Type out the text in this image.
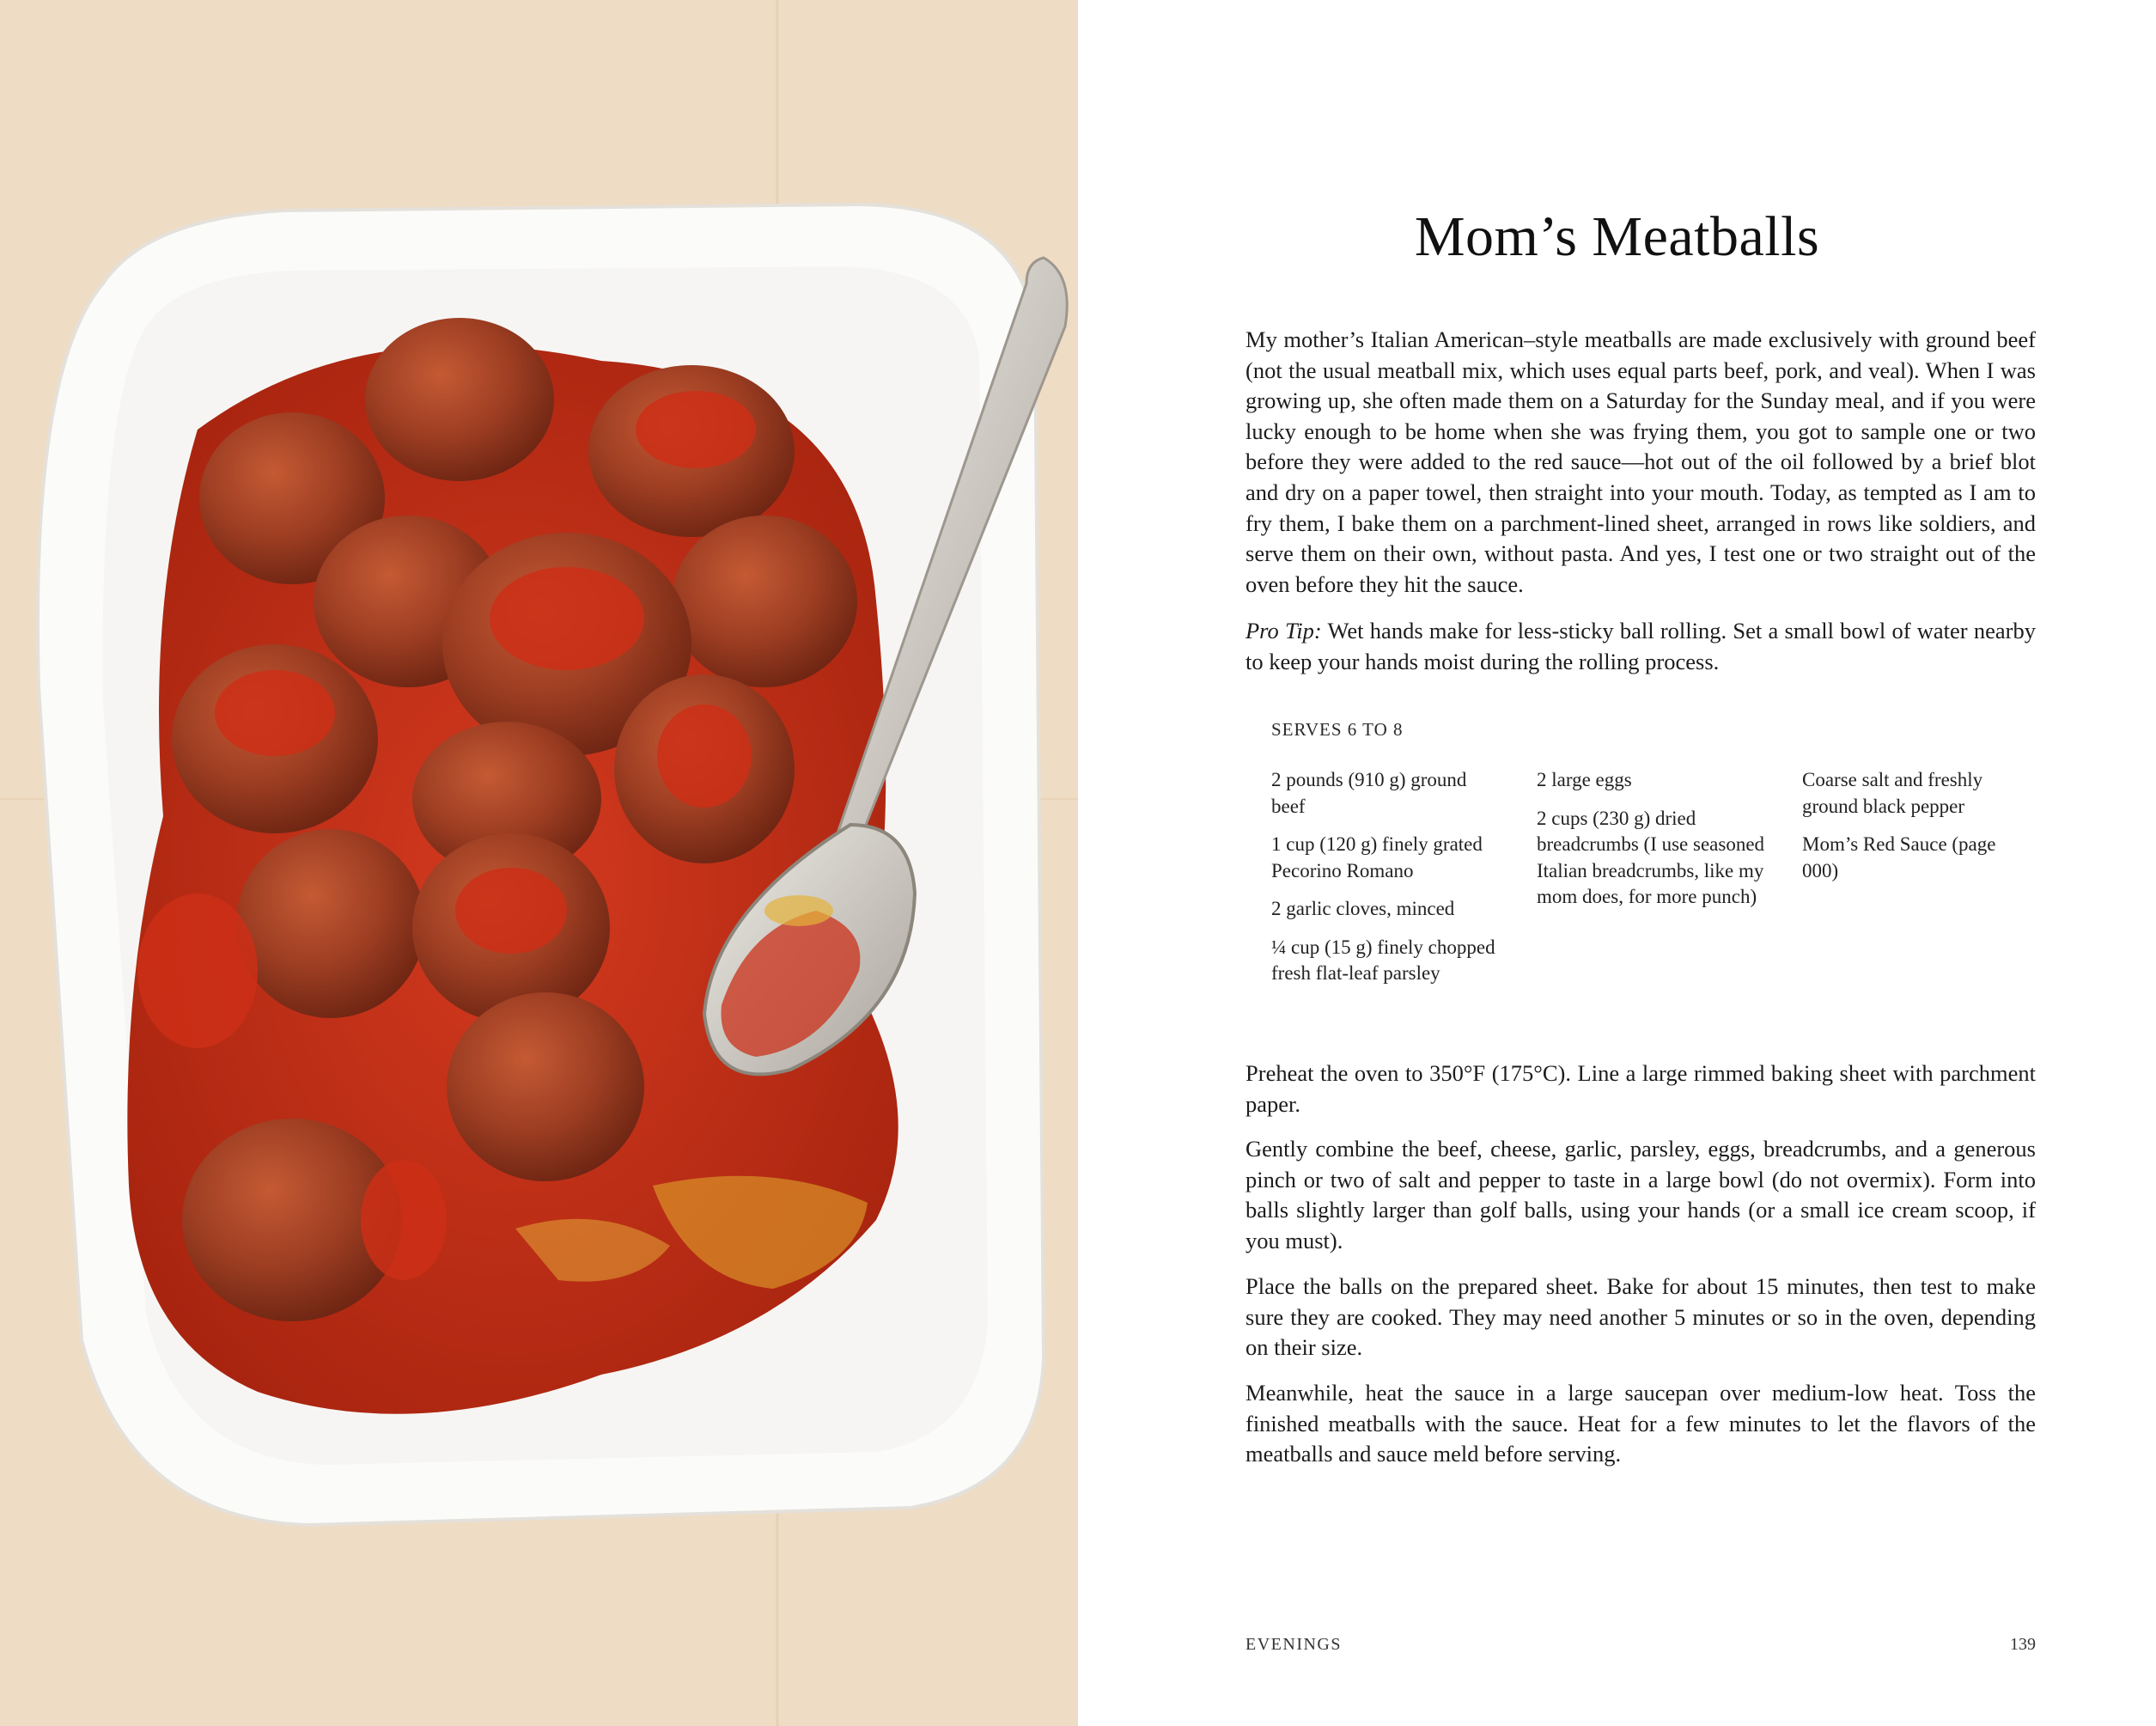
Mom’s Meatballs

My mother’s Italian American–style meatballs are made exclusively with ground beef (not the usual meatball mix, which uses equal parts beef, pork, and veal). When I was growing up, she often made them on a Saturday for the Sunday meal, and if you were lucky enough to be home when she was frying them, you got to sample one or two before they were added to the red sauce—hot out of the oil followed by a brief blot and dry on a paper towel, then straight into your mouth. Today, as tempted as I am to fry them, I bake them on a parchment-lined sheet, arranged in rows like soldiers, and serve them on their own, without pasta. And yes, I test one or two straight out of the oven before they hit the sauce.

Pro Tip: Wet hands make for less-sticky ball rolling. Set a small bowl of water nearby to keep your hands moist during the rolling process.

SERVES 6 TO 8

2 pounds (910 g) ground beef

1 cup (120 g) finely grated Pecorino Romano

2 garlic cloves, minced

¼ cup (15 g) finely chopped fresh flat-leaf parsley

2 large eggs

2 cups (230 g) dried breadcrumbs (I use seasoned Italian breadcrumbs, like my mom does, for more punch)

Coarse salt and freshly ground black pepper

Mom’s Red Sauce (page 000)

Preheat the oven to 350°F (175°C). Line a large rimmed baking sheet with parchment paper.

Gently combine the beef, cheese, garlic, parsley, eggs, breadcrumbs, and a generous pinch or two of salt and pepper to taste in a large bowl (do not overmix). Form into balls slightly larger than golf balls, using your hands (or a small ice cream scoop, if you must).

Place the balls on the prepared sheet. Bake for about 15 minutes, then test to make sure they are cooked. They may need another 5 minutes or so in the oven, depending on their size.

Meanwhile, heat the sauce in a large saucepan over medium-low heat. Toss the finished meatballs with the sauce. Heat for a few minutes to let the flavors of the meatballs and sauce meld before serving.

EVENINGS	139
